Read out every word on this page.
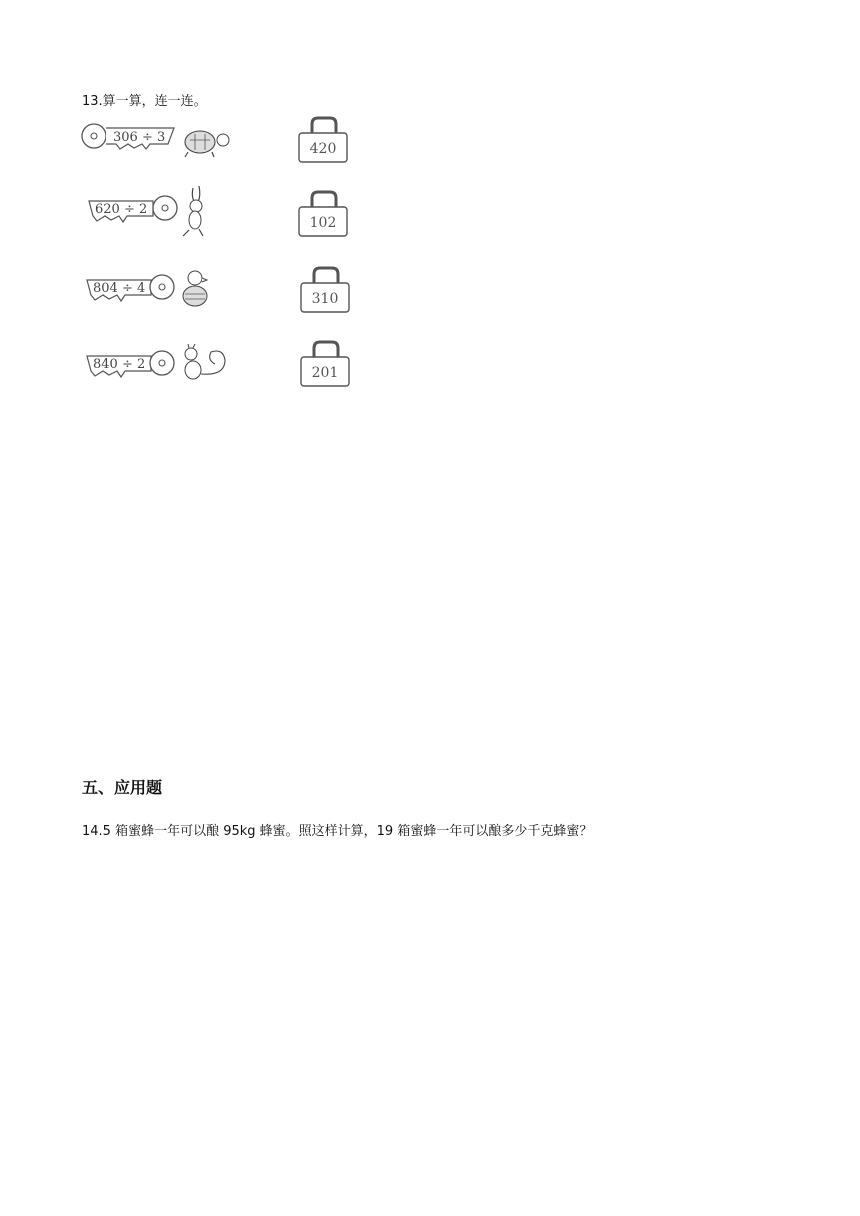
13.算一算，连一连。
306 ÷ 3
620 ÷ 2
804 ÷ 4
840 ÷ 2
420
102
310
201
五、应用题
14.5 箱蜜蜂一年可以酿 95kg 蜂蜜。照这样计算，19 箱蜜蜂一年可以酿多少千克蜂蜜？
